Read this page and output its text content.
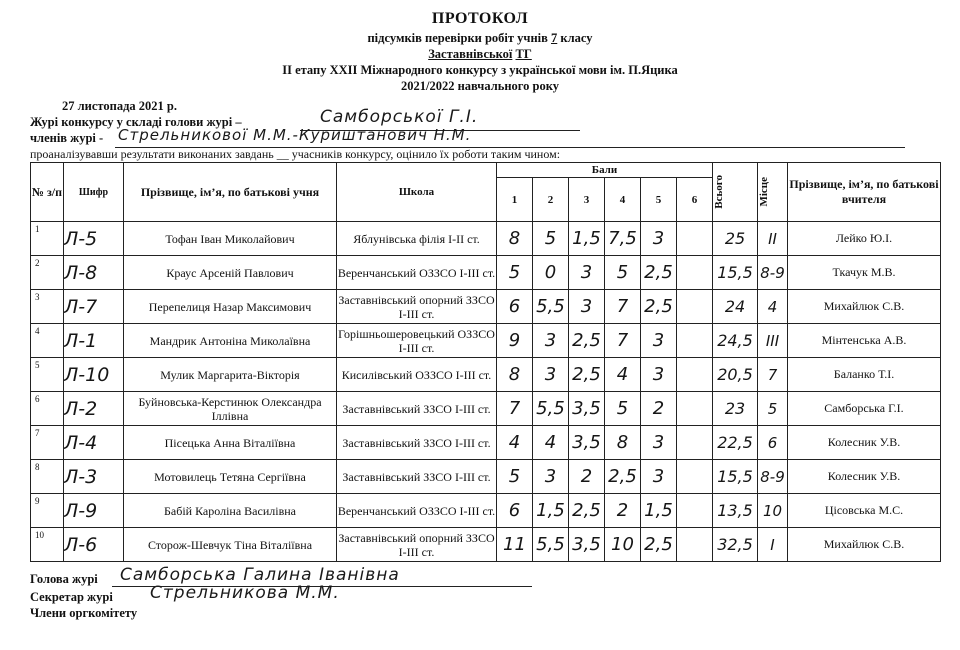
ПРОТОКОЛ
підсумків перевірки робіт учнів 7 класу
Заставнівської ТГ
ІІ етапу ХХІІ Міжнародного конкурсу з української мови ім. П.Яцика
2021/2022 навчального року
27 листопада 2021 р.
Журі конкурсу у складі голови журі –	Самборської Г.І.
членів журі - Стрельникової М.М.-Куриштанович Н.М.
проаналізувавши результати виконаних завдань __ учасників конкурсу, оцінило їх роботи таким чином:
№ з/п	Шифр	Прізвище, ім’я, по батькові учня	Школа	Бали						Всього	Місце	Прізвище, ім’я, по батькові вчителя
				1	2	3	4	5	6			

1	Л-5	Тофан Іван Миколайович	Яблунівська філія І-ІІ ст.	8	5	1,5	7,5	3		25	ІІ	Лейко Ю.І.

2	Л-8	Краус Арсеній Павлович	Веренчанський ОЗЗСО І-ІІІ ст.	5	0	3	5	2,5		15,5	8-9	Ткачук М.В.

3	Л-7	Перепелиця Назар Максимович	Заставнівський опорний ЗЗСО І-ІІІ ст.	6	5,5	3	7	2,5		24	4	Михайлюк С.В.

4	Л-1	Мандрик Антоніна Миколаївна	Горішньошеровецький ОЗЗСО І-ІІІ ст.	9	3	2,5	7	3		24,5	ІІІ	Мінтенська А.В.

5	Л-10	Мулик Маргарита-Вікторія	Кисилівський ОЗЗСО І-ІІІ ст.	8	3	2,5	4	3		20,5	7	Баланко Т.І.

6	Л-2	Буйновська-Керстинюк Олександра Іллівна	Заставнівський ЗЗСО І-ІІІ ст.	7	5,5	3,5	5	2		23	5	Самборська Г.І.

7	Л-4	Пісецька Анна Віталіївна	Заставнівський ЗЗСО І-ІІІ ст.	4	4	3,5	8	3		22,5	6	Колесник У.В.

8	Л-3	Мотовилець Тетяна Сергіївна	Заставнівський ЗЗСО І-ІІІ ст.	5	3	2	2,5	3		15,5	8-9	Колесник У.В.

9	Л-9	Бабій Кароліна Василівна	Веренчанський ОЗЗСО І-ІІІ ст.	6	1,5	2,5	2	1,5		13,5	10	Цісовська М.С.

10	Л-6	Сторож-Шевчук Тіна Віталіївна	Заставнівський опорний ЗЗСО І-ІІІ ст.	11	5,5	3,5	10	2,5		32,5	І	Михайлюк С.В.
Голова журі Самборська Галина Іванівна
Секретар журі Стрельникова М.М.
Члени оргкомітету
